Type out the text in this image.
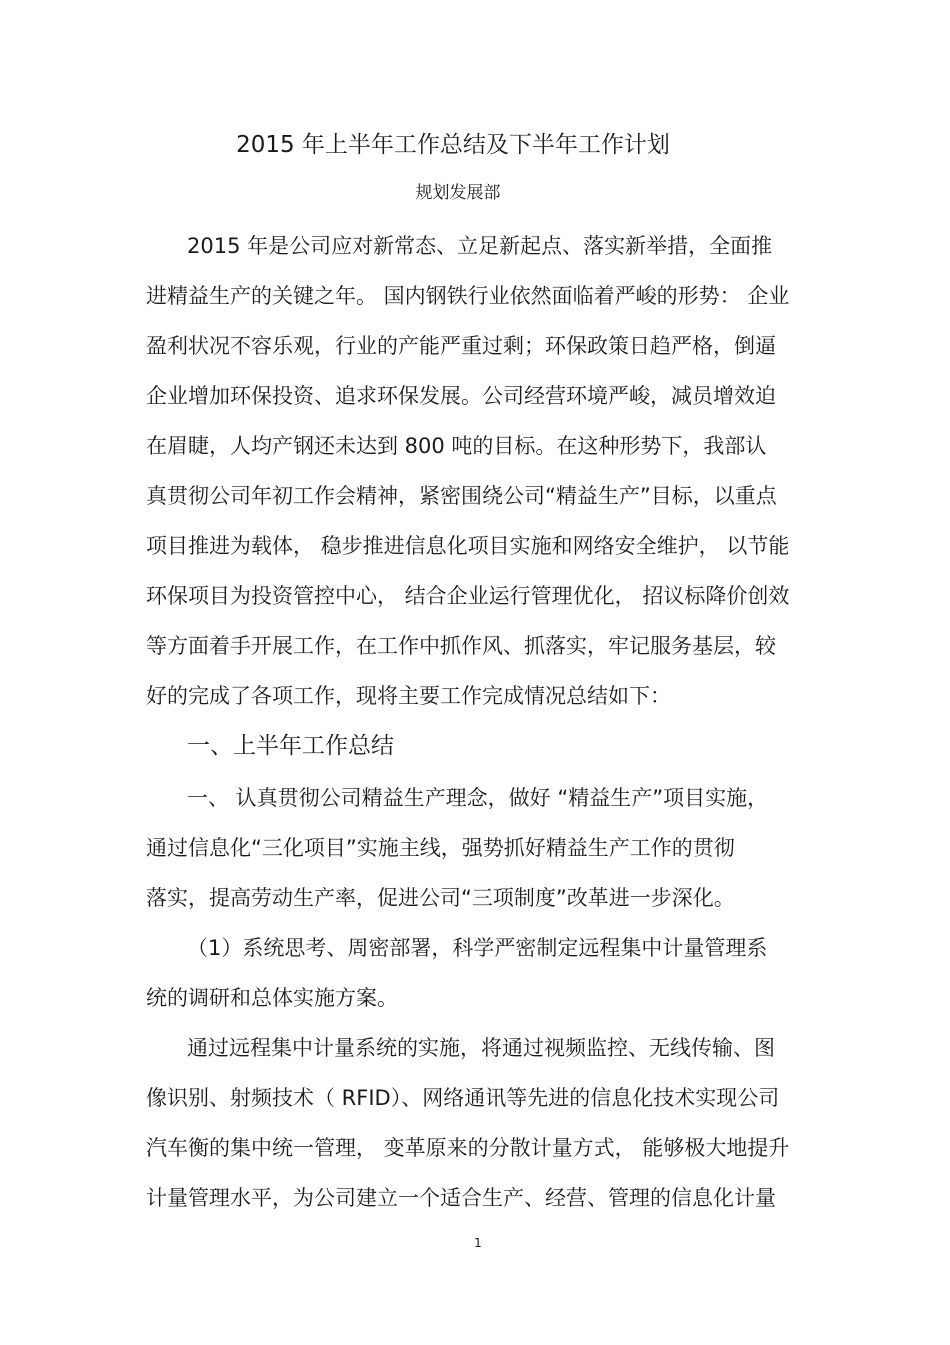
2015 年上半年工作总结及下半年工作计划
规划发展部
2015 年是公司应对新常态、立足新起点、落实新举措，全面推
进精益生产的关键之年。 国内钢铁行业依然面临着严峻的形势： 企业
盈利状况不容乐观，行业的产能严重过剩；环保政策日趋严格，倒逼
企业增加环保投资、追求环保发展。公司经营环境严峻，减员增效迫
在眉睫，人均产钢还未达到 800 吨的目标。在这种形势下，我部认
真贯彻公司年初工作会精神，紧密围绕公司“精益生产”目标，以重点
项目推进为载体， 稳步推进信息化项目实施和网络安全维护， 以节能
环保项目为投资管控中心， 结合企业运行管理优化， 招议标降价创效
等方面着手开展工作，在工作中抓作风、抓落实，牢记服务基层，较
好的完成了各项工作，现将主要工作完成情况总结如下：
一、上半年工作总结
一、 认真贯彻公司精益生产理念，做好 “精益生产”项目实施，
通过信息化“三化项目”实施主线，强势抓好精益生产工作的贯彻
落实，提高劳动生产率，促进公司“三项制度”改革进一步深化。
（1）系统思考、周密部署，科学严密制定远程集中计量管理系
统的调研和总体实施方案。
通过远程集中计量系统的实施，将通过视频监控、无线传输、图
像识别、射频技术（ RFID）、网络通讯等先进的信息化技术实现公司
汽车衡的集中统一管理， 变革原来的分散计量方式， 能够极大地提升
计量管理水平，为公司建立一个适合生产、经营、管理的信息化计量
1
